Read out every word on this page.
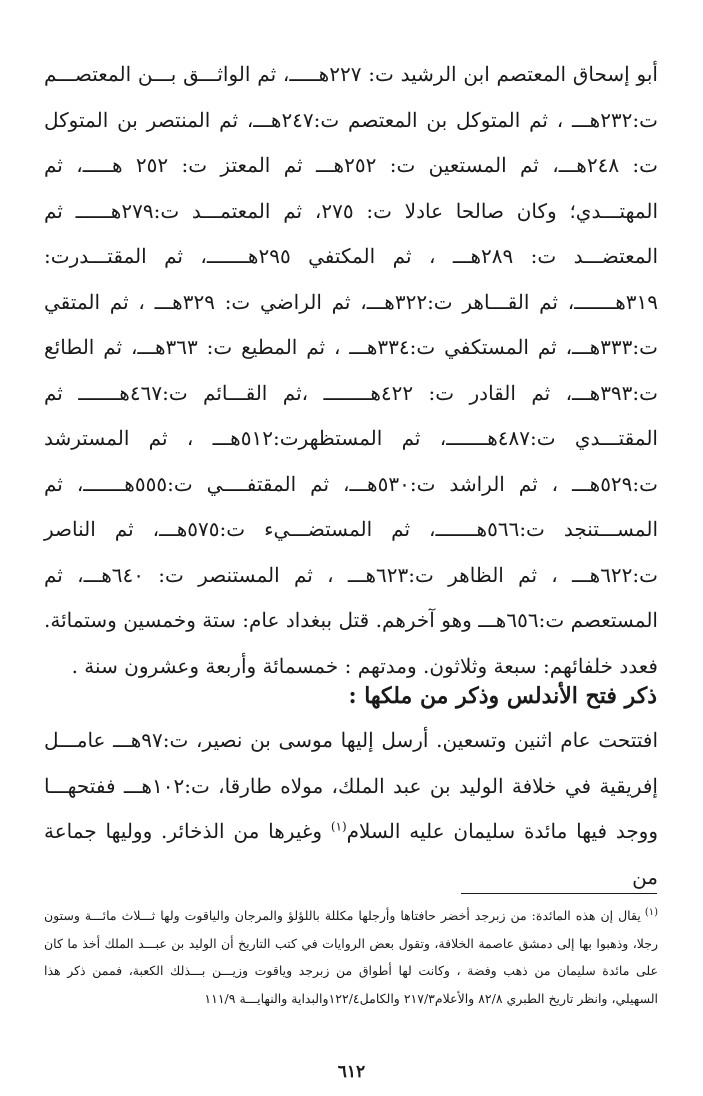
أبو إسحاق المعتصم ابن الرشيد ت: ٢٢٧هـــــ، ثم الواثـــق بـــن المعتصـــم ت:٢٣٢هـــ ، ثم المتوكل بن المعتصم ت:٢٤٧هـــ، ثم المنتصر بن المتوكل ت: ٢٤٨هـــ، ثم المستعين ت: ٢٥٢هـــ ثم المعتز ت: ٢٥٢ هـــــ، ثم المهتـــدي؛ وكان صالحا عادلا ت: ٢٧٥، ثم المعتمـــد ت:٢٧٩هــــــ ثم المعتضـــد ت: ٢٨٩هـــ ، ثم المكتفي ٢٩٥هـــــــ، ثم المقتـــدرت: ٣١٩هـــــــ، ثم القـــاهر ت:٣٢٢هـــ، ثم الراضي ت: ٣٢٩هـــ ، ثم المتقي ت:٣٣٣هـــ، ثم المستكفي ت:٣٣٤هـــ ، ثم المطيع ت: ٣٦٣هـــ، ثم الطائع ت:٣٩٣هـــ، ثم القادر ت: ٤٢٢هــــــــ ،ثم القـــائم ت:٤٦٧هـــــــ ثم المقتـــدي ت:٤٨٧هـــــــ، ثم المستظهرت:٥١٢هـــ ، ثم المسترشد ت:٥٢٩هـــ ، ثم الراشد ت:٥٣٠هـــ، ثم المقتفــــي ت:٥٥٥هـــــــ، ثم المســـتنجد ت:٥٦٦هـــــــ، ثم المستضـــيء ت:٥٧٥هـــ، ثم الناصر ت:٦٢٢هـــ ، ثم الظاهر ت:٦٢٣هـــ ، ثم المستنصر ت: ٦٤٠هـــ، ثم المستعصم ت:٦٥٦هـــ وهو آخرهم. قتل ببغداد عام: ستة وخمسين وستمائة. فعدد خلفائهم: سبعة وثلاثون. ومدتهم : خمسمائة وأربعة وعشرون سنة .

ذكر فتح الأندلس وذكر من ملكها :

افتتحت عام اثنين وتسعين. أرسل إليها موسى بن نصير، ت:٩٧هـــ عامـــل إفريقية في خلافة الوليد بن عبد الملك، مولاه طارقا، ت:١٠٢هـــ ففتحهـــا ووجد فيها مائدة سليمان عليه السلام$^{(١)}$ وغيرها من الذخائر. ووليها جماعة من

$^{(١)}$يقال إن هذه المائدة: من زبرجد أخضر حافتاها وأرجلها مكللة باللؤلؤ والمرجان والياقوت ولها ثـــلاث مائـــة وستون رجلا، وذهبوا بها إلى دمشق عاصمة الخلافة، وتقول بعض الروايات في كتب التاريخ أن الوليد بن عبـــد الملك أخذ ما كان على مائدة سليمان من ذهب وفضة ، وكانت لها أطواق من زبرجد وياقوت وزيـــن بـــذلك الكعبة، فممن ذكر هذا السهيلي، وانظر تاريخ الطبري ٨٢/٨ والأعلام٢١٧/٣ والكامل١٢٢/٤والبداية والنهايـــة ١١١/٩

٦١٢
